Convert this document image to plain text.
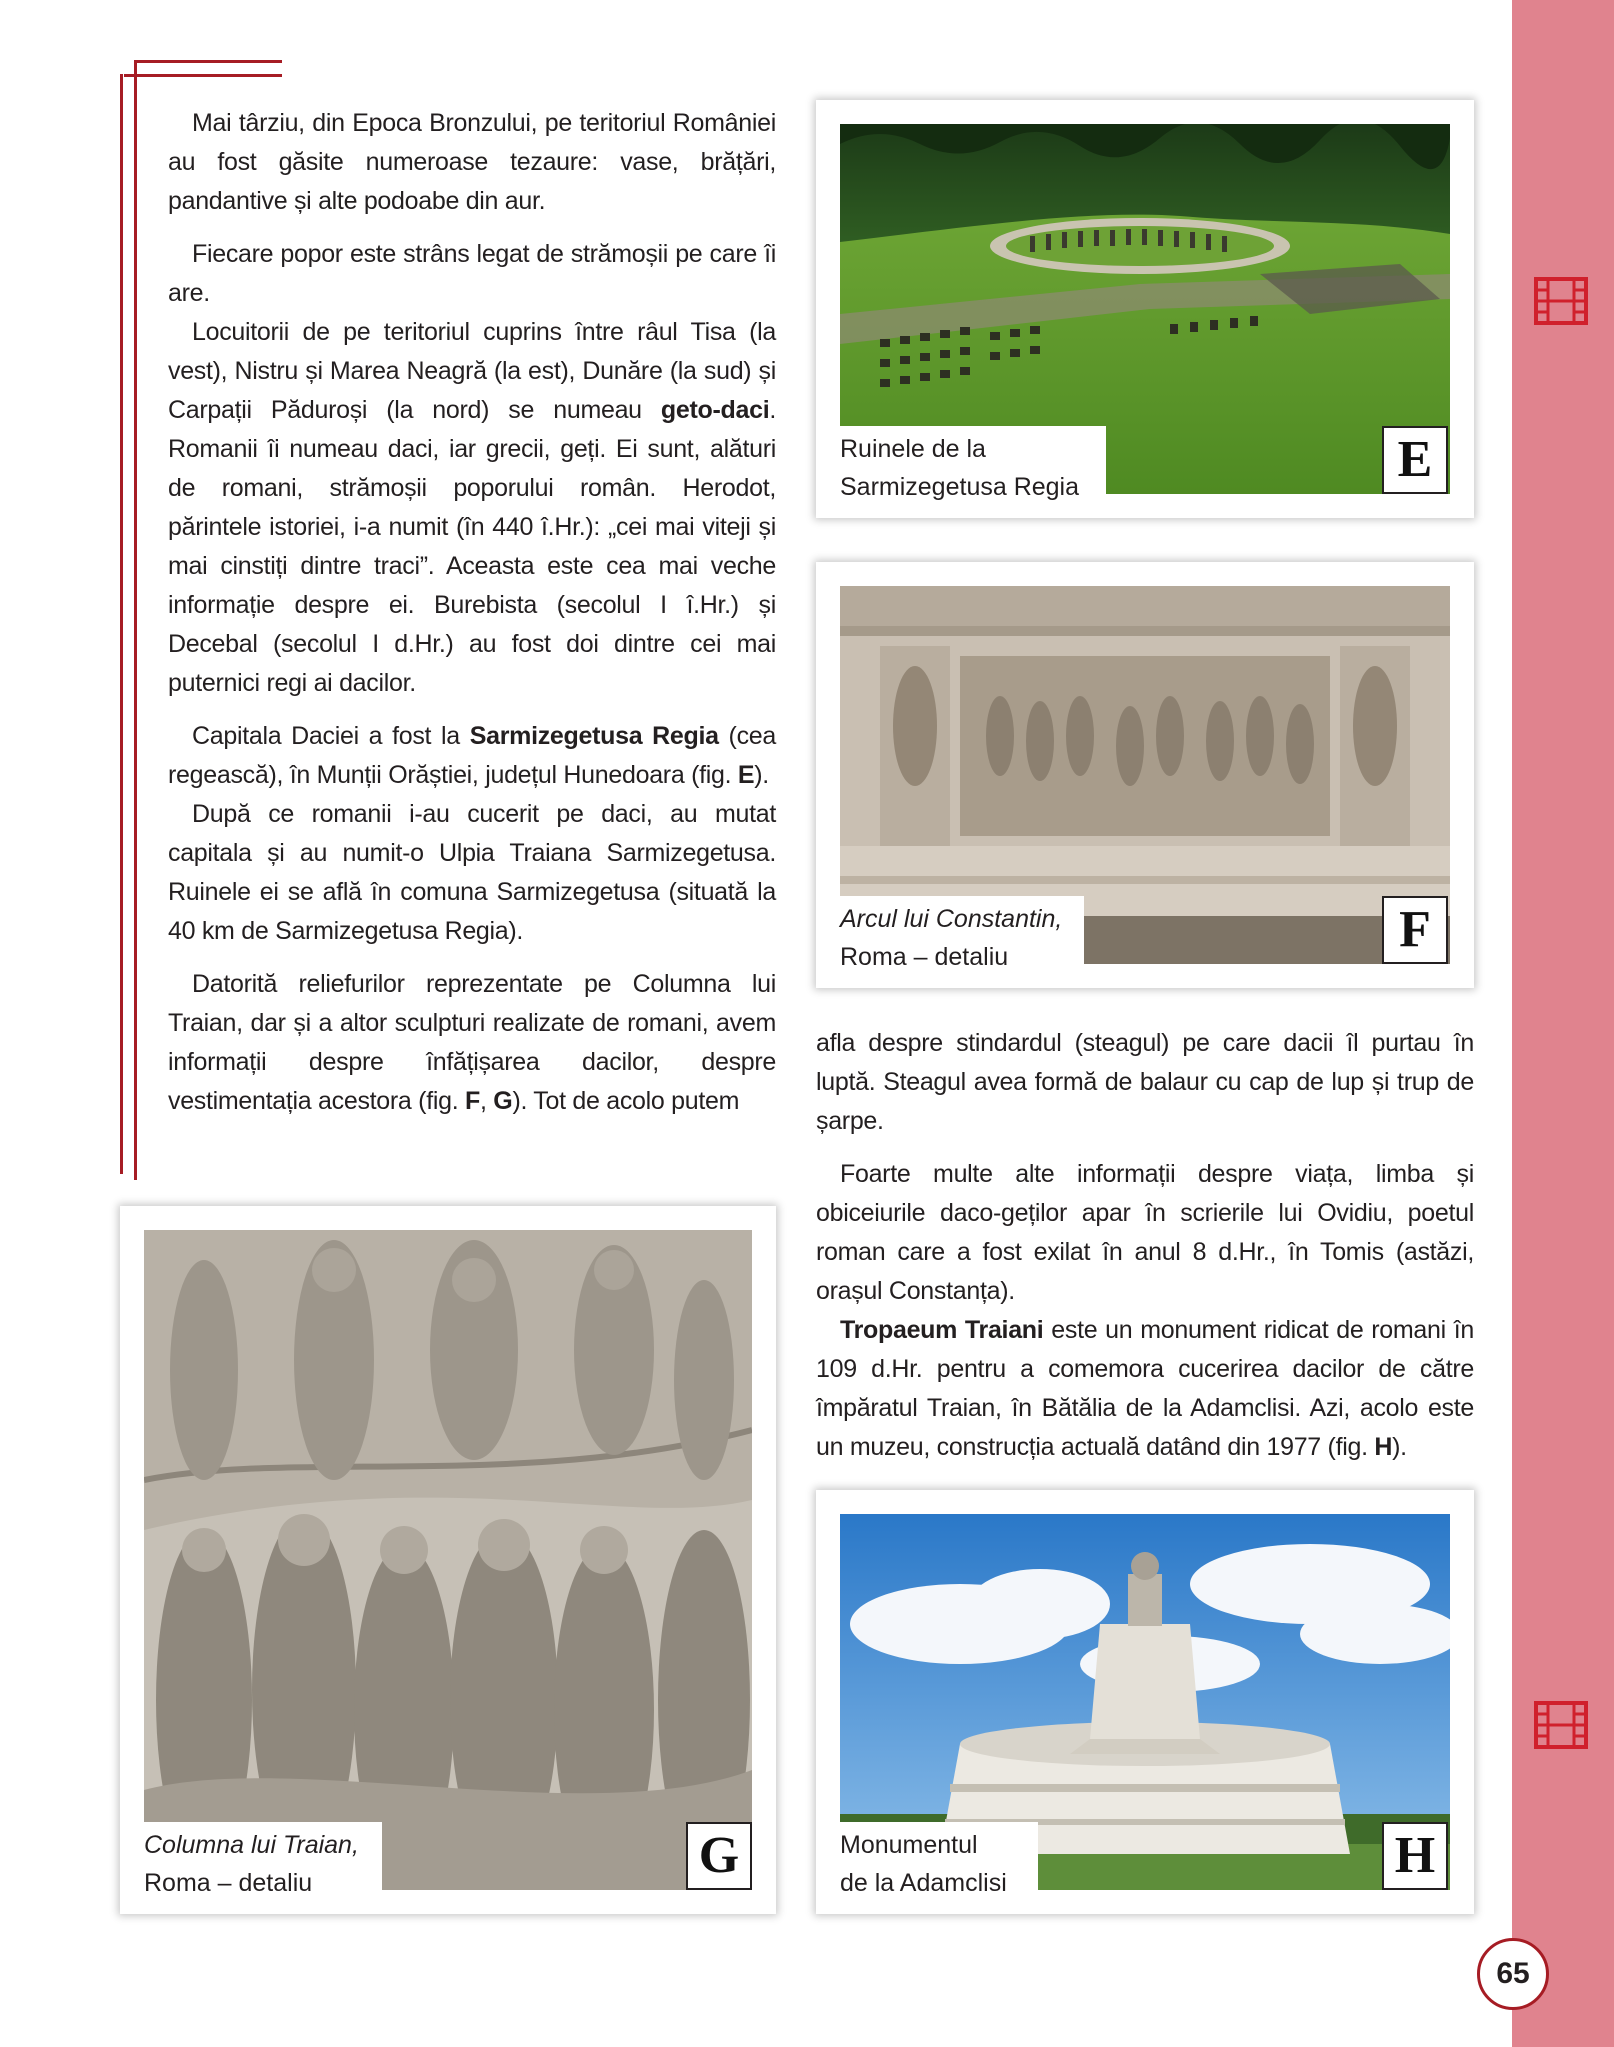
Mai târziu, din Epoca Bronzului, pe teritoriul României au fost găsite numeroase tezaure: vase, brățări, pandantive și alte podoabe din aur.

Fiecare popor este strâns legat de strămoșii pe care îi are.

Locuitorii de pe teritoriul cuprins între râul Tisa (la vest), Nistru și Marea Neagră (la est), Dunăre (la sud) și Carpații Păduroși (la nord) se numeau geto-daci. Romanii îi numeau daci, iar grecii, geți. Ei sunt, alături de romani, strămoșii poporului român. Herodot, părintele istoriei, i-a numit (în 440 î.Hr.): „cei mai viteji și mai cinstiți dintre traci”. Aceasta este cea mai veche informație despre ei. Burebista (secolul I î.Hr.) și Decebal (secolul I d.Hr.) au fost doi dintre cei mai puternici regi ai dacilor.

Capitala Daciei a fost la Sarmizegetusa Regia (cea regească), în Munții Orăștiei, județul Hunedoara (fig. E).

După ce romanii i-au cucerit pe daci, au mutat capitala și au numit-o Ulpia Traiana Sarmizegetusa. Ruinele ei se află în comuna Sarmizegetusa (situată la 40 km de Sarmizegetusa Regia).

Datorită reliefurilor reprezentate pe Columna lui Traian, dar și a altor sculpturi realizate de romani, avem informații despre înfățișarea dacilor, despre vestimentația acestora (fig. F, G). Tot de acolo putem

Ruinele de la
Sarmizegetusa Regia	E
Arcul lui Constantin,
Roma – detaliu	F

afla despre stindardul (steagul) pe care dacii îl purtau în luptă. Steagul avea formă de balaur cu cap de lup și trup de șarpe.

Foarte multe alte informații despre viața, limba și obiceiurile daco-geților apar în scrierile lui Ovidiu, poetul roman care a fost exilat în anul 8 d.Hr., în Tomis (astăzi, orașul Constanța).

Tropaeum Traiani este un monument ridicat de romani în 109 d.Hr. pentru a comemora cucerirea dacilor de către împăratul Traian, în Bătălia de la Adamclisi. Azi, acolo este un muzeu, construcția actuală datând din 1977 (fig. H).

Columna lui Traian,
Roma – detaliu	G	Monumentul
de la Adamclisi	H
65
